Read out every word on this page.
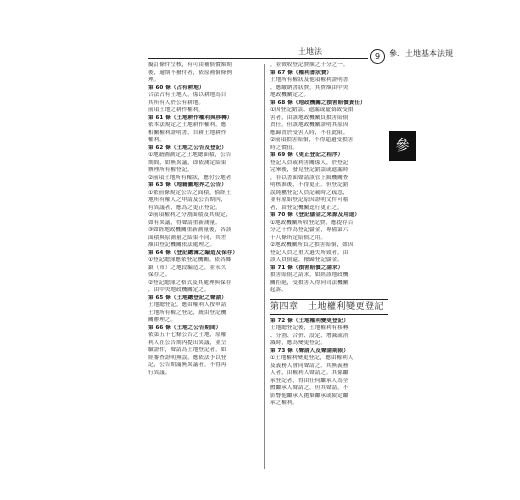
土地法
9	參．土地基本法規
參
擬訂條件呈核，有可由補償價額期
後，逾期不撥付者，依原補償條例
理。
第 60 條（占有耕地）
合法占有土地人，係以耕地為目
其所有人於公有耕地。
前項土地之耕作權利。
第 61 條（土地耕作權利與移轉）
依本法規定之土地耕作權利，應
相關權利證明書，自耕土地耕作
權利。
第 62 條（土地之公告及登記）
①地籍圖測定之土地總面積，公告
期間，如無異議，即依測定結果
辦理所有權登記。
②前項土地所有權狀，應付公地者
第 63 條（地籍圖地界之公告）
①依前條規定公告之面積，倘經土
地所有權人之申請及公告期內，
有異議者，應為之更正登記。
②前項權利之分割面積及其規定，
如有異議，得聲請重新測量。
③如經地政機關重新測量後，各該
面積與原測量之結果不同，其差
額由登記機關依法處理之。
第 64 條（登記總簿之編造及保存）
①登記總簿應依登記機關，依各鄉
鎮（市）之地段編造之，並永久
保存之。
②登記總簿之格式及其處理與保存
，由中央地政機關定之。
第 65 條（土地總登記之聲請）
土地總登記，應由權利人按申請
土地所有權之登記，統由登記機
關辦理之。
第 66 條（土地之公告期間）
依第五十七條公告之土地，原權
利人在公告期內提出異議，並呈
驗證件，聲請為土地登記者，如
經審查證明無誤，應依法予以登
記，公告期滿無異議者，不得再
行異議。
，並徵收登記費額之千分之一。
第 67 條（權利書狀費）
土地所有權狀及他項權利證明書
，應繳納書狀費，其費額由中央
地政機關定之。
第 68 條（地政機關之損害賠償責任）
①因登記錯誤、遺漏或虛偽致受損
害者，由該地政機關負損害賠償
責任。但該地政機關證明其原因
應歸責於受害人時，不在此限。
②前項損害賠償，不得超過受損害
時之價值。
第 69 條（更正登記之程序）
登記人員或利害關係人，於登記
完畢後，發見登記錯誤或遺漏時
，非以書面聲請該管上級機關查
明核准後，不得更正。但登記錯
誤純屬登記人員記載時之疏忽，
並有原始登記原因證明文件可稽
者，由登記機關逕行更正之。
第 70 條（登記儲金之來源及用途）
①地政機關所收登記費，應提存百
分之十作為登記儲金，專備第六
十八條所定賠償之用。
②地政機關所負之損害賠償，如因
登記人員之重大過失所致者，由
該人員償還，撥歸登記儲金。
第 71 條（損害賠償之請求）
損害賠償之請求，如經該地政機
關拒絕，受損害人得向司法機關
起訴。
第四章　土地權利變更登記
第 72 條（土地權利變更登記）
土地總登記後，土地權利有移轉
、分割、合併、設定、增減或消
滅時，應為變更登記。
第 73 條（聲請人及聲請期限）
①土地權利變更登記，應由權利人
及義務人會同聲請之。其無義務
人者，由權利人聲請之。其係繼
承登記者，得由任何繼承人為全
體繼承人聲請之。但其聲請，不
影響他繼承人拋棄繼承或限定繼
承之權利。
